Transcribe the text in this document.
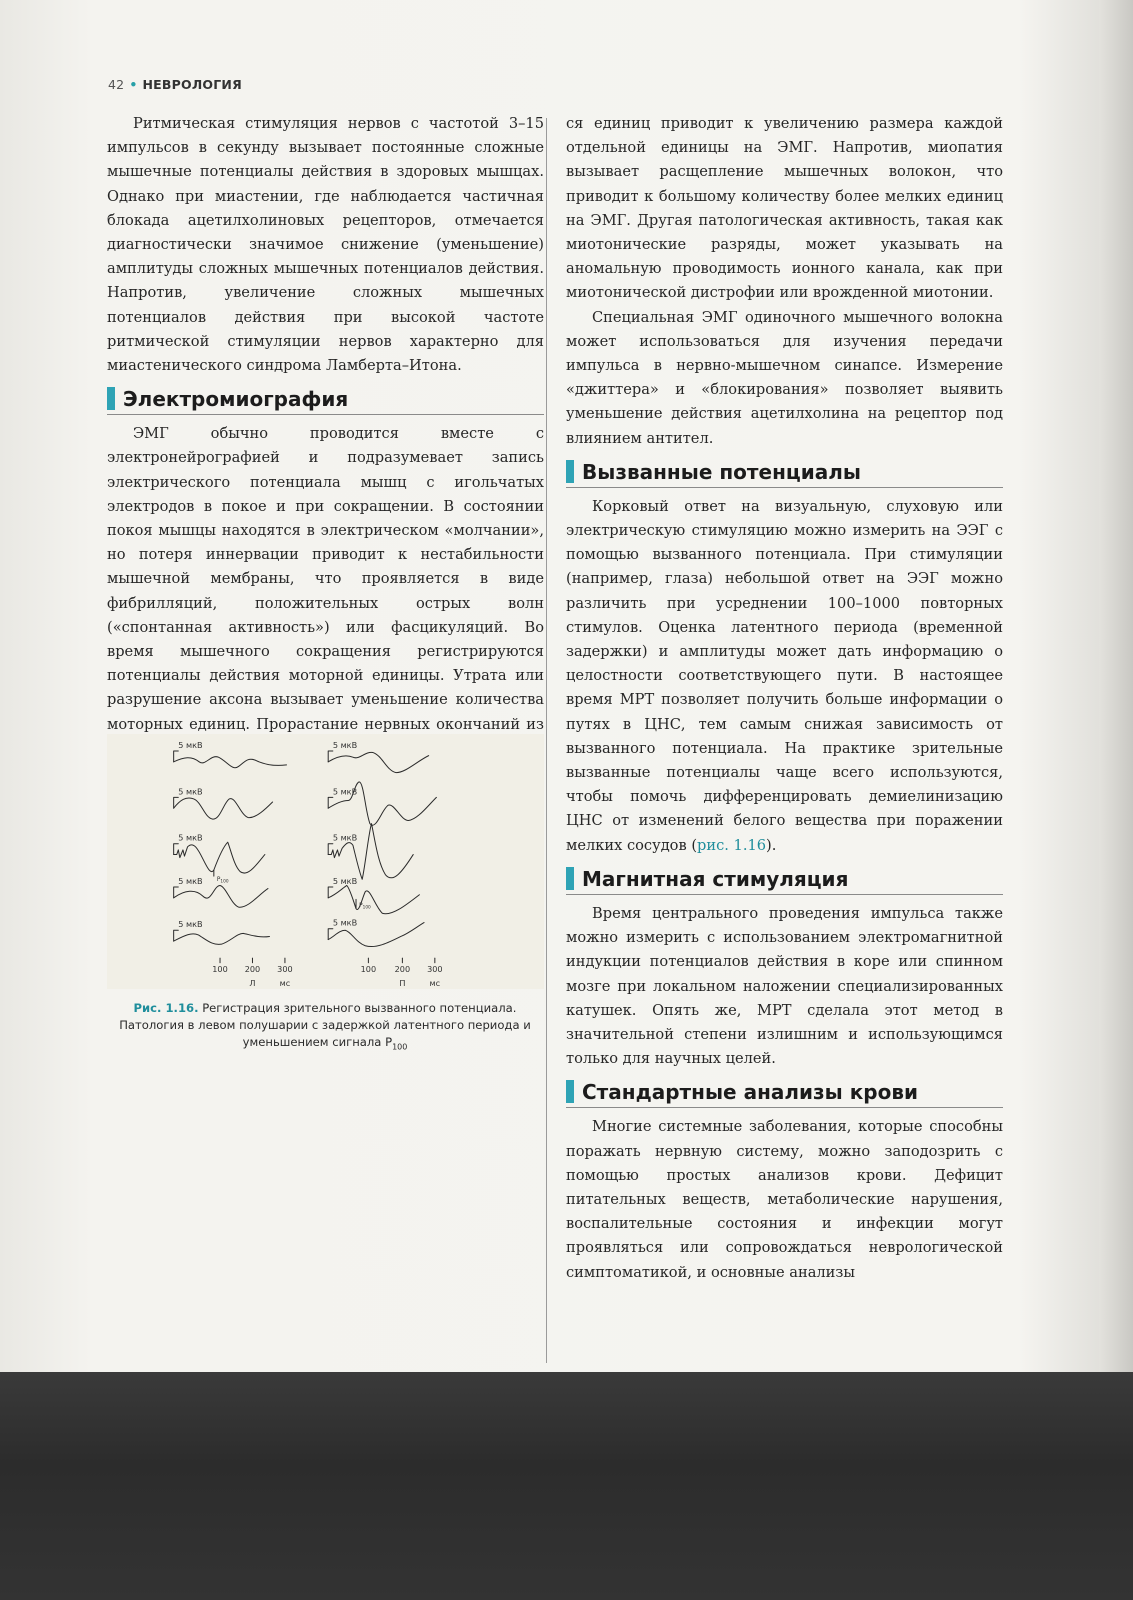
42 • НЕВРОЛОГИЯ

Ритмическая стимуляция нервов с частотой 3–15 импульсов в секунду вызывает постоянные сложные мышечные потенциалы действия в здоровых мышцах. Однако при миастении, где наблюдается частичная блокада ацетилхолиновых рецепторов, отмечается диагностически значимое снижение (уменьшение) амплитуды сложных мышечных потенциалов действия. Напротив, увеличение сложных мышечных потенциалов действия при высокой частоте ритмической стимуляции нервов характерно для миастенического синдрома Ламберта–Итона.

Электромиография

ЭМГ обычно проводится вместе с электронейрографией и подразумевает запись электрического потенциала мышц с игольчатых электродов в покое и при сокращении. В состоянии покоя мышцы находятся в электрическом «молчании», но потеря иннервации приводит к нестабильности мышечной мембраны, что проявляется в виде фибрилляций, положительных острых волн («спонтанная активность») или фасцикуляций. Во время мышечного сокращения регистрируются потенциалы действия моторной единицы. Утрата или разрушение аксона вызывает уменьшение количества моторных единиц. Прорастание нервных окончаний из

5 мкВ
5 мкВ
5 мкВ
5 мкВ
5 мкВ
5 мкВ
5 мкВ
5 мкВ
$P_{100}$
$P_{100}$
5 мкВ	5 мкВ
100 200 300	100 200 300
Л мс	П мс
Рис. 1.16. Регистрация зрительного вызванного потенциала. Патология в левом полушарии с задержкой латентного периода и уменьшением сигнала $P_{100}$

ся единиц приводит к увеличению размера каждой отдельной единицы на ЭМГ. Напротив, миопатия вызывает расщепление мышечных волокон, что приводит к большому количеству более мелких единиц на ЭМГ. Другая патологическая активность, такая как миотонические разряды, может указывать на аномальную проводимость ионного канала, как при миотонической дистрофии или врожденной миотонии.

Специальная ЭМГ одиночного мышечного волокна может использоваться для изучения передачи импульса в нервно-мышечном синапсе. Измерение «джиттера» и «блокирования» позволяет выявить уменьшение действия ацетилхолина на рецептор под влиянием антител.

Вызванные потенциалы

Корковый ответ на визуальную, слуховую или электрическую стимуляцию можно измерить на ЭЭГ с помощью вызванного потенциала. При стимуляции (например, глаза) небольшой ответ на ЭЭГ можно различить при усреднении 100–1000 повторных стимулов. Оценка латентного периода (временной задержки) и амплитуды может дать информацию о целостности соответствующего пути. В настоящее время МРТ позволяет получить больше информации о путях в ЦНС, тем самым снижая зависимость от вызванного потенциала. На практике зрительные вызванные потенциалы чаще всего используются, чтобы помочь дифференцировать демиелинизацию ЦНС от изменений белого вещества при поражении мелких сосудов (рис. 1.16).

Магнитная стимуляция

Время центрального проведения импульса также можно измерить с использованием электромагнитной индукции потенциалов действия в коре или спинном мозге при локальном наложении специализированных катушек. Опять же, МРТ сделала этот метод в значительной степени излишним и использующимся только для научных целей.

Стандартные анализы крови

Многие системные заболевания, которые способны поражать нервную систему, можно заподозрить с помощью простых анализов крови. Дефицит питательных веществ, метаболические нарушения, воспалительные состояния и инфекции могут проявляться или сопровождаться неврологической симптоматикой, и основные анализы
